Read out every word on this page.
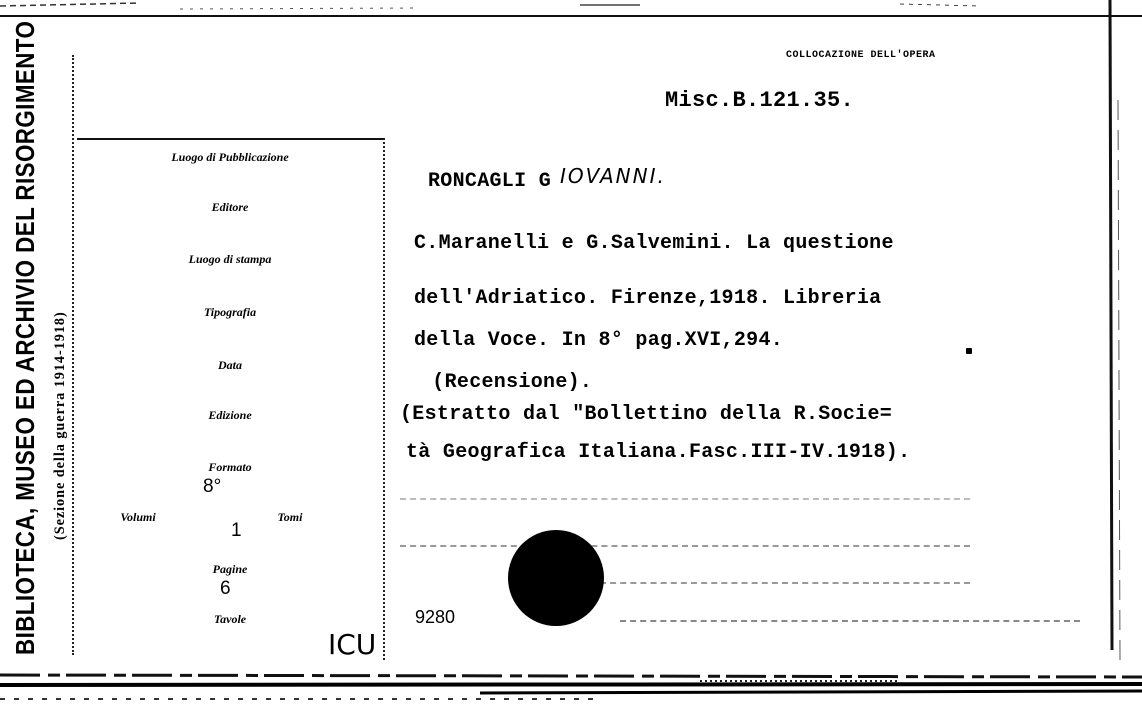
BIBLIOTECA, MUSEO ED ARCHIVIO DEL RISORGIMENTO (Sezione della guerra 1914-1918)
Luogo di Pubblicazione
Editore
Luogo di stampa
Tipografia
Data
Edizione
Formato
8°
Volumi	Tomi
1
Pagine
6
Tavole
COLLOCAZIONE DELL'OPERA
Misc.B.121.35.
RONCAGLI G IOVANNI.
C.Maranelli e G.Salvemini. La questione
dell'Adriatico. Firenze,1918. Libreria
della Voce. In 8° pag.XVI,294.
(Recensione).
(Estratto dal "Bollettino della R.Socie=
tà Geografica Italiana.Fasc.III-IV.1918).
9280
ICU
